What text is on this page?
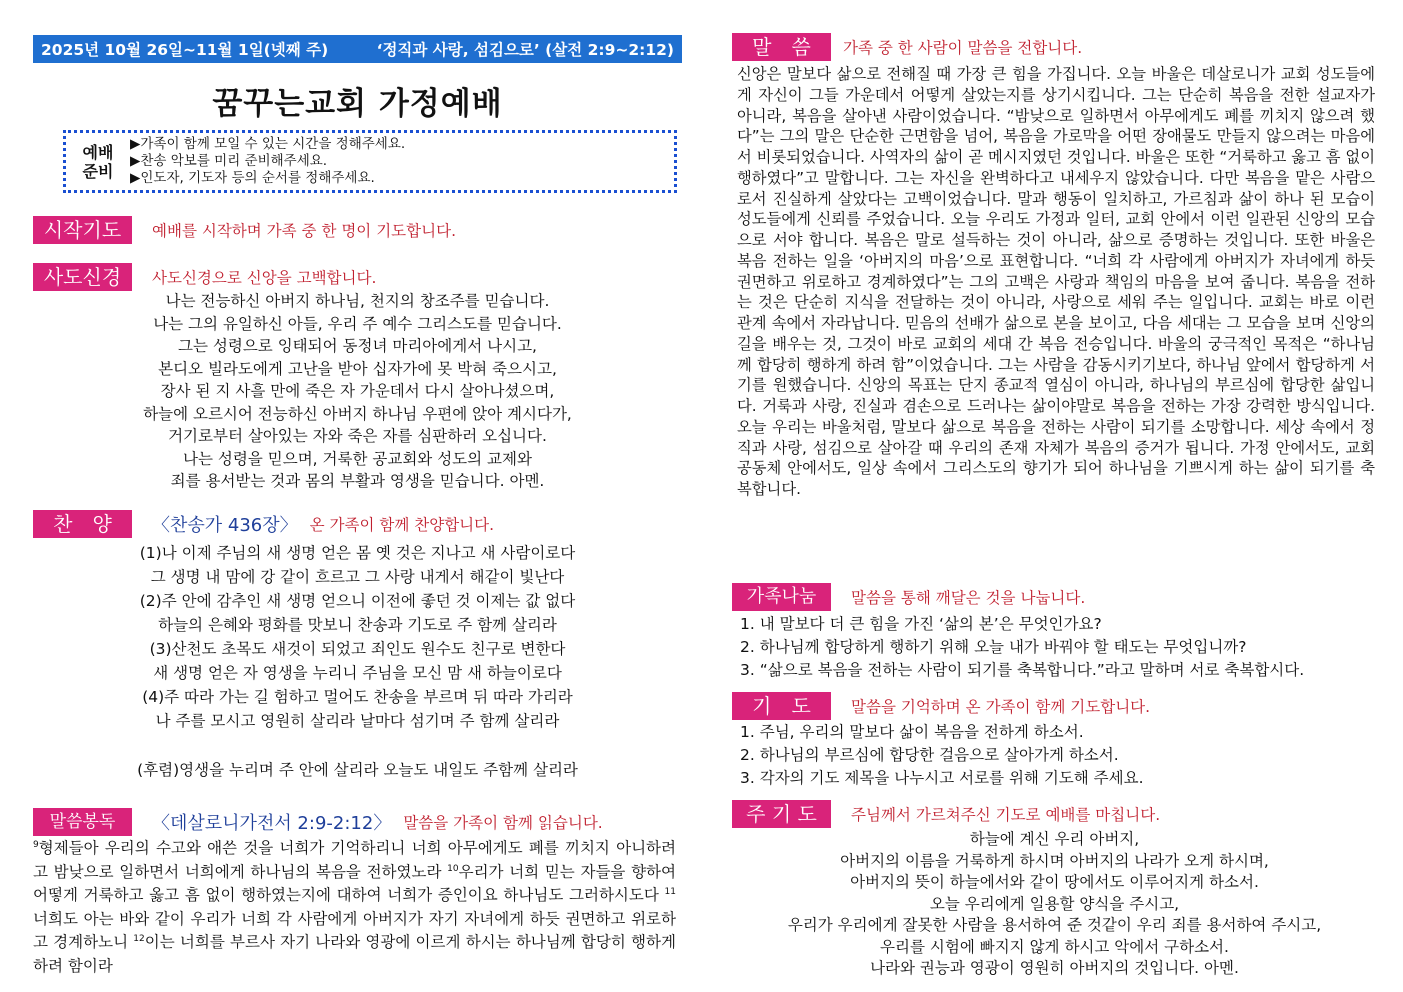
2025년 10월 26일~11월 1일(넷째 주)	‘정직과 사랑, 섬김으로’ (살전 2:9~2:12)
꿈꾸는교회 가정예배
예배
준비
▶가족이 함께 모일 수 있는 시간을 정해주세요.
▶찬송 악보를 미리 준비해주세요.
▶인도자, 기도자 등의 순서를 정해주세요.
시작기도	예배를 시작하며 가족 중 한 명이 기도합니다.
사도신경	사도신경으로 신앙을 고백합니다.
나는 전능하신 아버지 하나님, 천지의 창조주를 믿습니다.
나는 그의 유일하신 아들, 우리 주 예수 그리스도를 믿습니다.
그는 성령으로 잉태되어 동정녀 마리아에게서 나시고,
본디오 빌라도에게 고난을 받아 십자가에 못 박혀 죽으시고,
장사 된 지 사흘 만에 죽은 자 가운데서 다시 살아나셨으며,
하늘에 오르시어 전능하신 아버지 하나님 우편에 앉아 계시다가,
거기로부터 살아있는 자와 죽은 자를 심판하러 오십니다.
나는 성령을 믿으며, 거룩한 공교회와 성도의 교제와
죄를 용서받는 것과 몸의 부활과 영생을 믿습니다. 아멘.
찬　양	〈찬송가 436장〉 온 가족이 함께 찬양합니다.
(1)나 이제 주님의 새 생명 얻은 몸 옛 것은 지나고 새 사람이로다
그 생명 내 맘에 강 같이 흐르고 그 사랑 내게서 해같이 빛난다
(2)주 안에 감추인 새 생명 얻으니 이전에 좋던 것 이제는 값 없다
하늘의 은혜와 평화를 맛보니 찬송과 기도로 주 함께 살리라
(3)산천도 초목도 새것이 되었고 죄인도 원수도 친구로 변한다
새 생명 얻은 자 영생을 누리니 주님을 모신 맘 새 하늘이로다
(4)주 따라 가는 길 험하고 멀어도 찬송을 부르며 뒤 따라 가리라
나 주를 모시고 영원히 살리라 날마다 섬기며 주 함께 살리라
(후렴)영생을 누리며 주 안에 살리라 오늘도 내일도 주함께 살리라
말씀봉독	〈데살로니가전서 2:9-2:12〉 말씀을 가족이 함께 읽습니다.
$^9$형제들아 우리의 수고와 애쓴 것을 너희가 기억하리니 너희 아무에게도 폐를 끼치지 아니하려고 밤낮으로 일하면서 너희에게 하나님의 복음을 전하였노라 $^{10}$우리가 너희 믿는 자들을 향하여 어떻게 거룩하고 옳고 흠 없이 행하였는지에 대하여 너희가 증인이요 하나님도 그러하시도다 $^{11}$너희도 아는 바와 같이 우리가 너희 각 사람에게 아버지가 자기 자녀에게 하듯 권면하고 위로하고 경계하노니 $^{12}$이는 너희를 부르사 자기 나라와 영광에 이르게 하시는 하나님께 합당히 행하게 하려 함이라
말　씀	가족 중 한 사람이 말씀을 전합니다.
신앙은 말보다 삶으로 전해질 때 가장 큰 힘을 가집니다. 오늘 바울은 데살로니가 교회 성도들에게 자신이 그들 가운데서 어떻게 살았는지를 상기시킵니다. 그는 단순히 복음을 전한 설교자가 아니라, 복음을 살아낸 사람이었습니다. “밤낮으로 일하면서 아무에게도 폐를 끼치지 않으려 했다”는 그의 말은 단순한 근면함을 넘어, 복음을 가로막을 어떤 장애물도 만들지 않으려는 마음에서 비롯되었습니다. 사역자의 삶이 곧 메시지였던 것입니다. 바울은 또한 “거룩하고 옳고 흠 없이 행하였다”고 말합니다. 그는 자신을 완벽하다고 내세우지 않았습니다. 다만 복음을 맡은 사람으로서 진실하게 살았다는 고백이었습니다. 말과 행동이 일치하고, 가르침과 삶이 하나 된 모습이 성도들에게 신뢰를 주었습니다. 오늘 우리도 가정과 일터, 교회 안에서 이런 일관된 신앙의 모습으로 서야 합니다. 복음은 말로 설득하는 것이 아니라, 삶으로 증명하는 것입니다. 또한 바울은 복음 전하는 일을 ‘아버지의 마음’으로 표현합니다. “너희 각 사람에게 아버지가 자녀에게 하듯 권면하고 위로하고 경계하였다”는 그의 고백은 사랑과 책임의 마음을 보여 줍니다. 복음을 전하는 것은 단순히 지식을 전달하는 것이 아니라, 사랑으로 세워 주는 일입니다. 교회는 바로 이런 관계 속에서 자라납니다. 믿음의 선배가 삶으로 본을 보이고, 다음 세대는 그 모습을 보며 신앙의 길을 배우는 것, 그것이 바로 교회의 세대 간 복음 전승입니다. 바울의 궁극적인 목적은 “하나님께 합당히 행하게 하려 함”이었습니다. 그는 사람을 감동시키기보다, 하나님 앞에서 합당하게 서기를 원했습니다. 신앙의 목표는 단지 종교적 열심이 아니라, 하나님의 부르심에 합당한 삶입니다. 거룩과 사랑, 진실과 겸손으로 드러나는 삶이야말로 복음을 전하는 가장 강력한 방식입니다. 오늘 우리는 바울처럼, 말보다 삶으로 복음을 전하는 사람이 되기를 소망합니다. 세상 속에서 정직과 사랑, 섬김으로 살아갈 때 우리의 존재 자체가 복음의 증거가 됩니다. 가정 안에서도, 교회 공동체 안에서도, 일상 속에서 그리스도의 향기가 되어 하나님을 기쁘시게 하는 삶이 되기를 축복합니다.
가족나눔	말씀을 통해 깨달은 것을 나눕니다.
1. 내 말보다 더 큰 힘을 가진 ‘삶의 본’은 무엇인가요?
2. 하나님께 합당하게 행하기 위해 오늘 내가 바꿔야 할 태도는 무엇입니까?
3. “삶으로 복음을 전하는 사람이 되기를 축복합니다.”라고 말하며 서로 축복합시다.
기　도	말씀을 기억하며 온 가족이 함께 기도합니다.
1. 주님, 우리의 말보다 삶이 복음을 전하게 하소서.
2. 하나님의 부르심에 합당한 걸음으로 살아가게 하소서.
3. 각자의 기도 제목을 나누시고 서로를 위해 기도해 주세요.
주 기 도	주님께서 가르쳐주신 기도로 예배를 마칩니다.
하늘에 계신 우리 아버지,
아버지의 이름을 거룩하게 하시며 아버지의 나라가 오게 하시며,
아버지의 뜻이 하늘에서와 같이 땅에서도 이루어지게 하소서.
오늘 우리에게 일용할 양식을 주시고,
우리가 우리에게 잘못한 사람을 용서하여 준 것같이 우리 죄를 용서하여 주시고,
우리를 시험에 빠지지 않게 하시고 악에서 구하소서.
나라와 권능과 영광이 영원히 아버지의 것입니다. 아멘.
